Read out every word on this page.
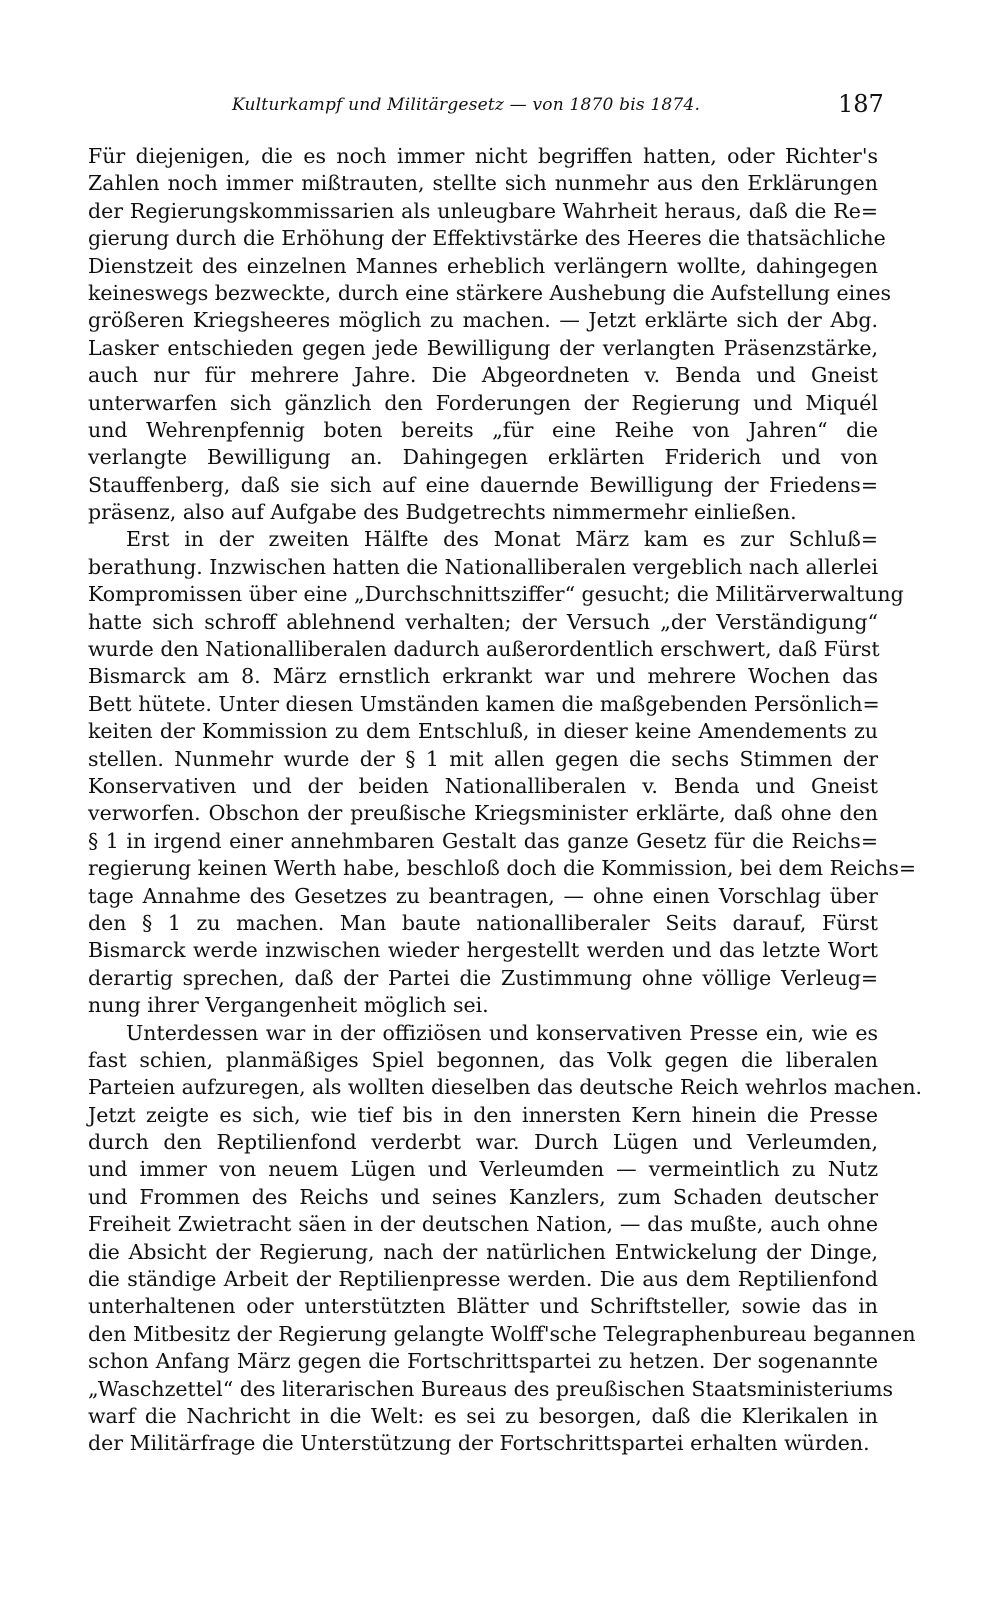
Kulturkampf und Militärgesetz — von 1870 bis 1874.	187
Für diejenigen, die es noch immer nicht begriffen hatten, oder Richter's
Zahlen noch immer mißtrauten, stellte sich nunmehr aus den Erklärungen
der Regierungskommissarien als unleugbare Wahrheit heraus, daß die Re=
gierung durch die Erhöhung der Effektivstärke des Heeres die thatsächliche
Dienstzeit des einzelnen Mannes erheblich verlängern wollte, dahingegen
keineswegs bezweckte, durch eine stärkere Aushebung die Aufstellung eines
größeren Kriegsheeres möglich zu machen. — Jetzt erklärte sich der Abg.
Lasker entschieden gegen jede Bewilligung der verlangten Präsenzstärke,
auch nur für mehrere Jahre. Die Abgeordneten v. Benda und Gneist
unterwarfen sich gänzlich den Forderungen der Regierung und Miquél
und Wehrenpfennig boten bereits „für eine Reihe von Jahren“ die
verlangte Bewilligung an. Dahingegen erklärten Friderich und von
Stauffenberg, daß sie sich auf eine dauernde Bewilligung der Friedens=
präsenz, also auf Aufgabe des Budgetrechts nimmermehr einließen.
Erst in der zweiten Hälfte des Monat März kam es zur Schluß=
berathung. Inzwischen hatten die Nationalliberalen vergeblich nach allerlei
Kompromissen über eine „Durchschnittsziffer“ gesucht; die Militärverwaltung
hatte sich schroff ablehnend verhalten; der Versuch „der Verständigung“
wurde den Nationalliberalen dadurch außerordentlich erschwert, daß Fürst
Bismarck am 8. März ernstlich erkrankt war und mehrere Wochen das
Bett hütete. Unter diesen Umständen kamen die maßgebenden Persönlich=
keiten der Kommission zu dem Entschluß, in dieser keine Amendements zu
stellen. Nunmehr wurde der § 1 mit allen gegen die sechs Stimmen der
Konservativen und der beiden Nationalliberalen v. Benda und Gneist
verworfen. Obschon der preußische Kriegsminister erklärte, daß ohne den
§ 1 in irgend einer annehmbaren Gestalt das ganze Gesetz für die Reichs=
regierung keinen Werth habe, beschloß doch die Kommission, bei dem Reichs=
tage Annahme des Gesetzes zu beantragen, — ohne einen Vorschlag über
den § 1 zu machen. Man baute nationalliberaler Seits darauf, Fürst
Bismarck werde inzwischen wieder hergestellt werden und das letzte Wort
derartig sprechen, daß der Partei die Zustimmung ohne völlige Verleug=
nung ihrer Vergangenheit möglich sei.
Unterdessen war in der offiziösen und konservativen Presse ein, wie es
fast schien, planmäßiges Spiel begonnen, das Volk gegen die liberalen
Parteien aufzuregen, als wollten dieselben das deutsche Reich wehrlos machen.
Jetzt zeigte es sich, wie tief bis in den innersten Kern hinein die Presse
durch den Reptilienfond verderbt war. Durch Lügen und Verleumden,
und immer von neuem Lügen und Verleumden — vermeintlich zu Nutz
und Frommen des Reichs und seines Kanzlers, zum Schaden deutscher
Freiheit Zwietracht säen in der deutschen Nation, — das mußte, auch ohne
die Absicht der Regierung, nach der natürlichen Entwickelung der Dinge,
die ständige Arbeit der Reptilienpresse werden. Die aus dem Reptilienfond
unterhaltenen oder unterstützten Blätter und Schriftsteller, sowie das in
den Mitbesitz der Regierung gelangte Wolff'sche Telegraphenbureau begannen
schon Anfang März gegen die Fortschrittspartei zu hetzen. Der sogenannte
„Waschzettel“ des literarischen Bureaus des preußischen Staatsministeriums
warf die Nachricht in die Welt: es sei zu besorgen, daß die Klerikalen in
der Militärfrage die Unterstützung der Fortschrittspartei erhalten würden.
